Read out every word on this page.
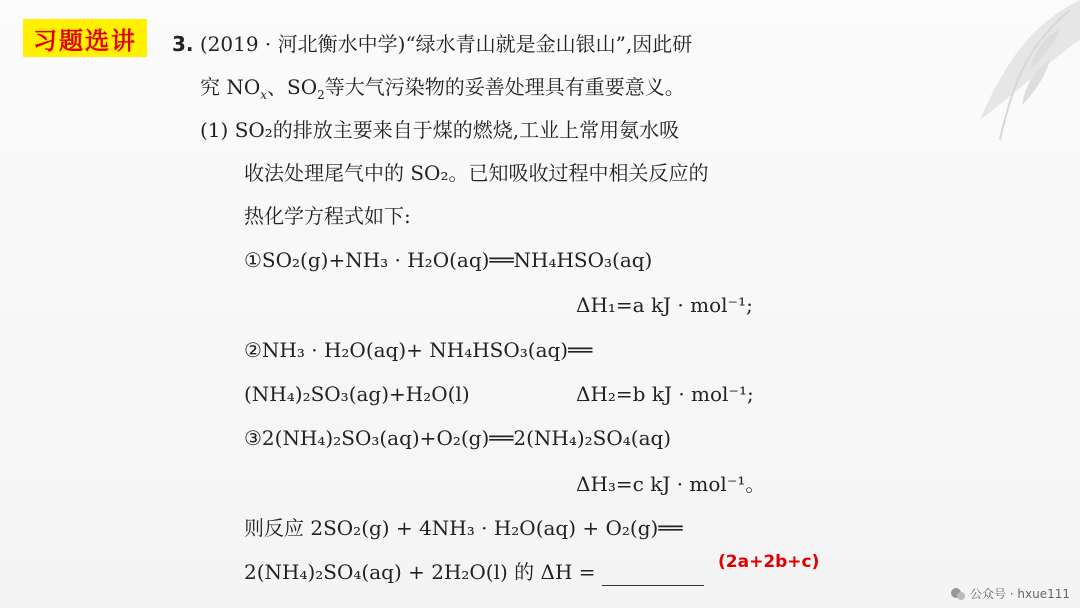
习题选讲	3. (2019 · 河北衡水中学)“绿水青山就是金山银山”,因此研
究 $NO_x$、$SO_2$等大气污染物的妥善处理具有重要意义。
(1) SO₂的排放主要来自于煤的燃烧,工业上常用氨水吸
收法处理尾气中的 SO₂。已知吸收过程中相关反应的
热化学方程式如下:
①SO₂(g)+NH₃ · H₂O(aq)══NH₄HSO₃(aq)
ΔH₁=a kJ · mol⁻¹;
②NH₃ · H₂O(aq)+ NH₄HSO₃(aq)══
(NH₄)₂SO₃(ag)+H₂O(l)	ΔH₂=b kJ · mol⁻¹;
③2(NH₄)₂SO₃(aq)+O₂(g)══2(NH₄)₂SO₄(aq)
ΔH₃=c kJ · mol⁻¹。
则反应 2SO₂(g) + 4NH₃ · H₂O(aq) + O₂(g)══
2(NH₄)₂SO₄(aq) + 2H₂O(l) 的 ΔH =	(2a+2b+c)
公众号 · hxue111
